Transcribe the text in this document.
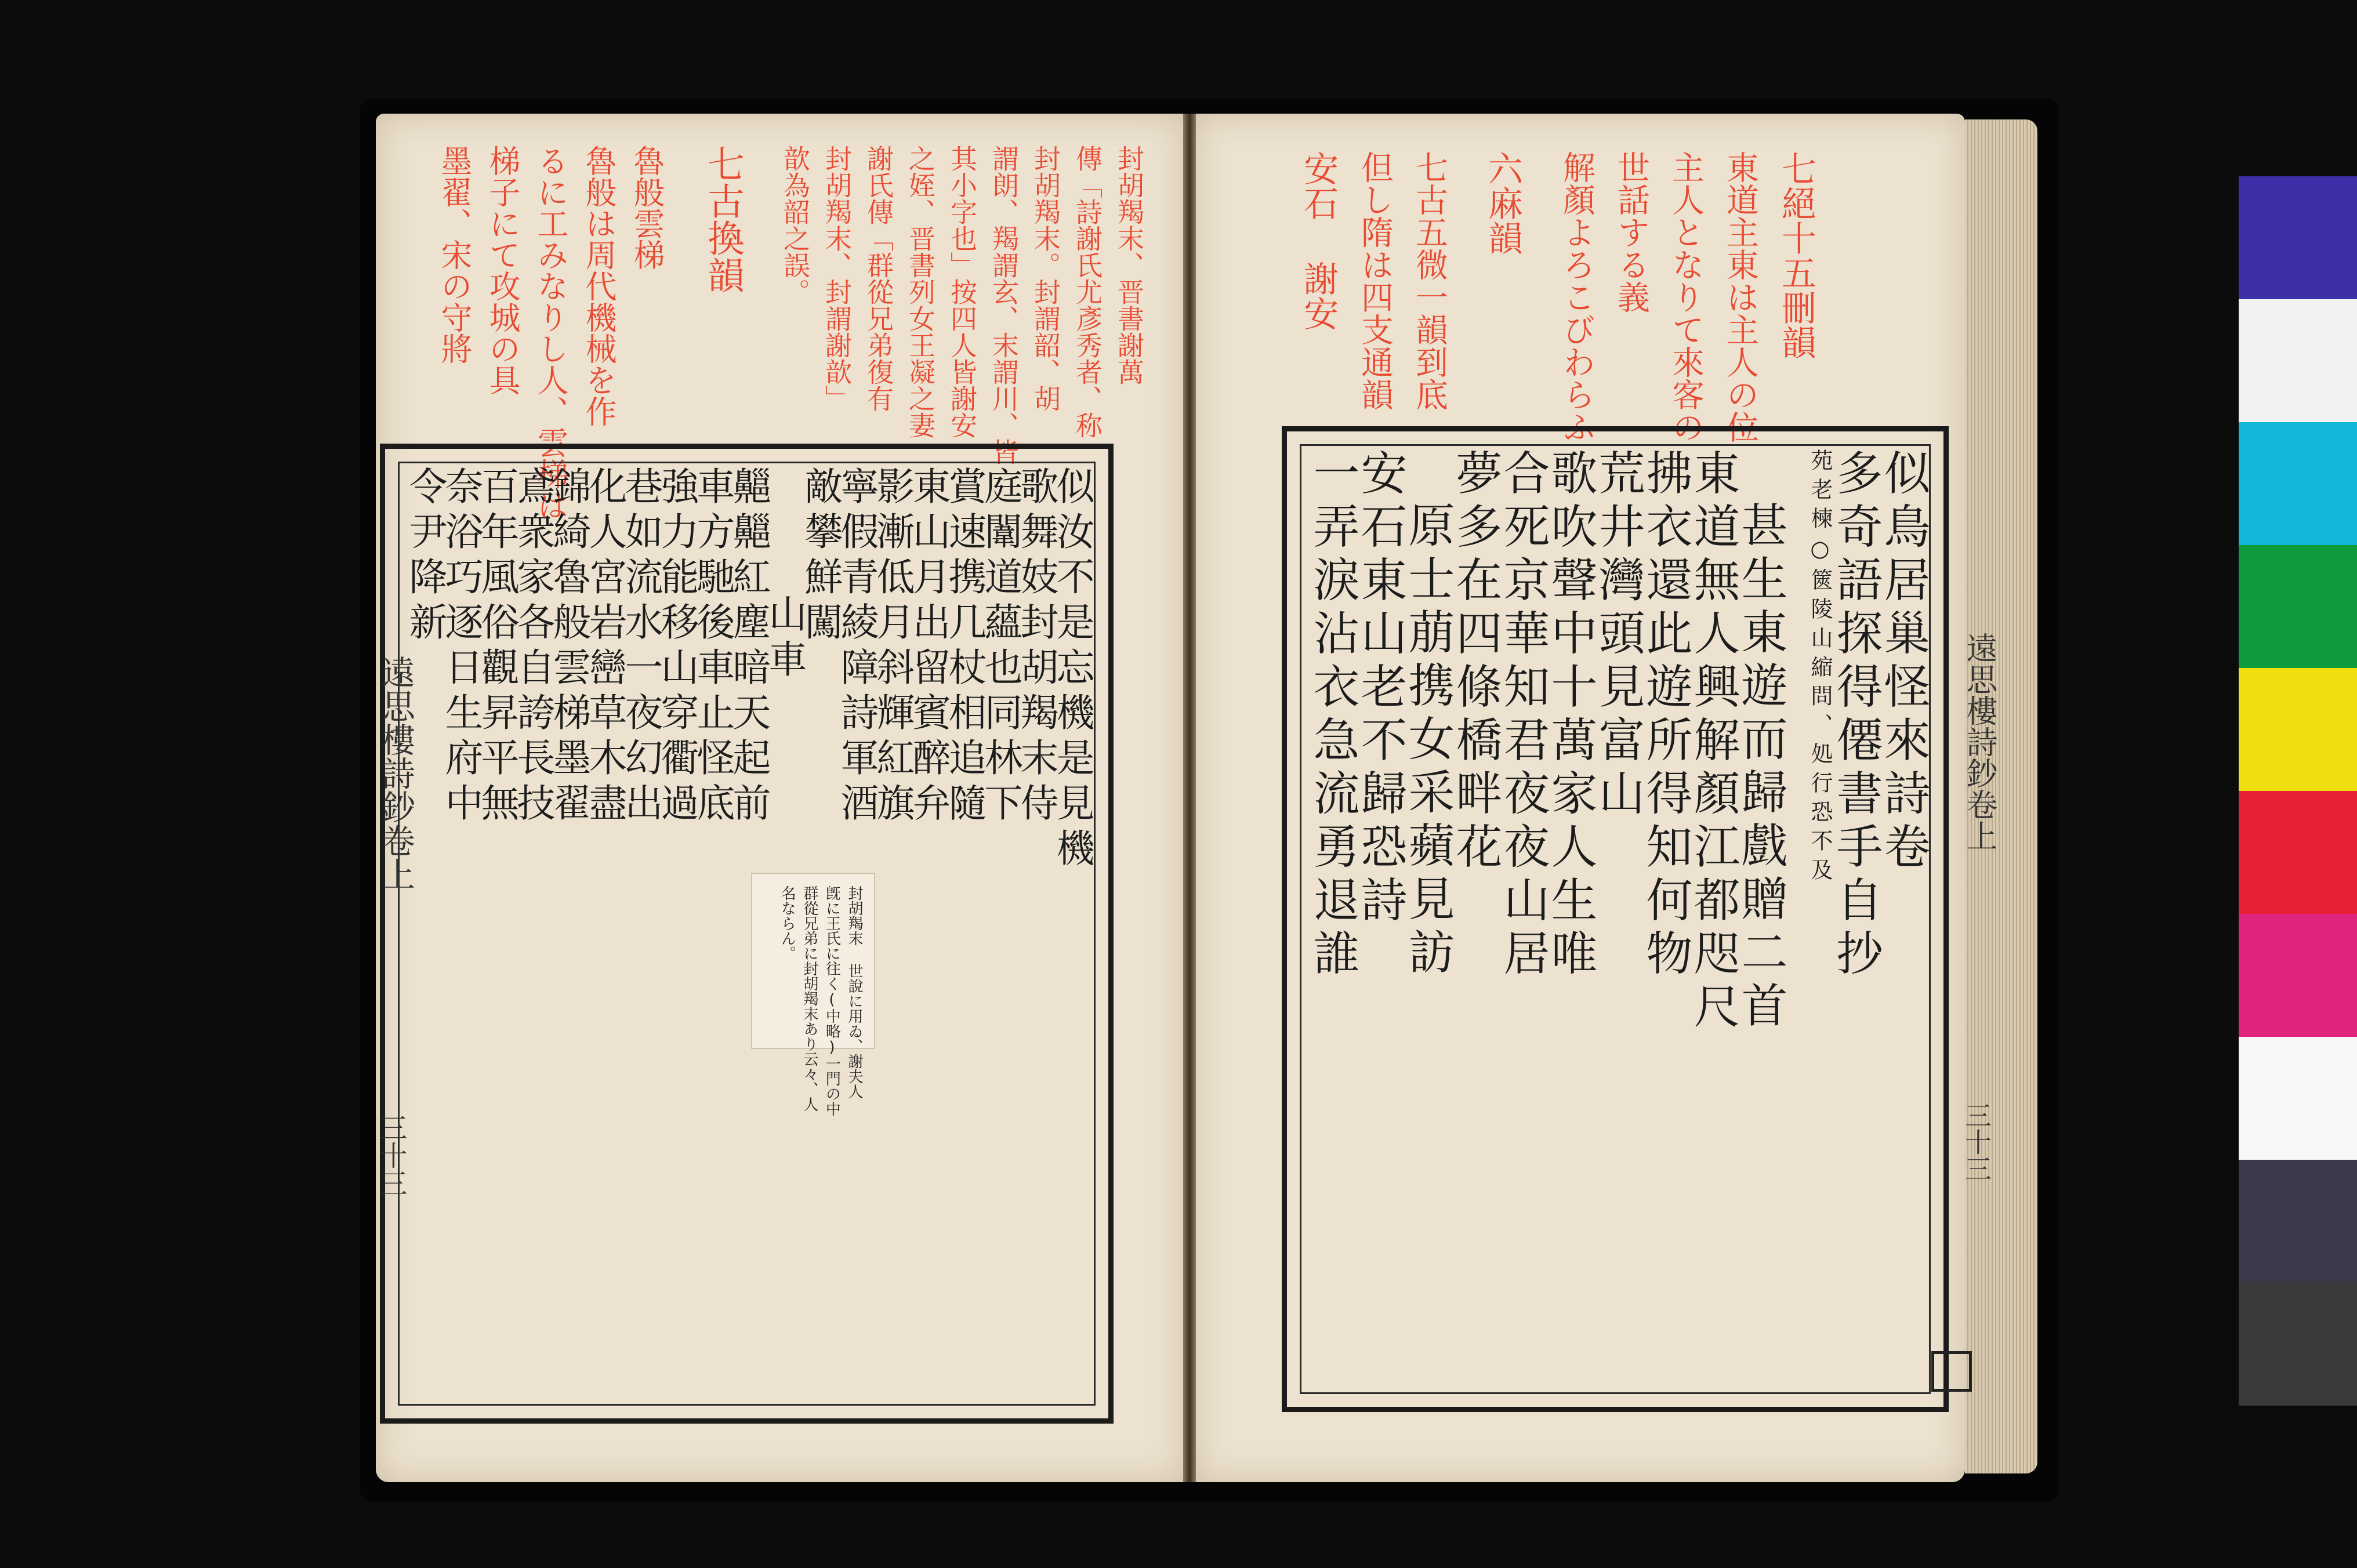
封胡羯末、晋書謝萬
傳「詩謝氏尤彥秀者、称
封胡羯末。封謂韶、胡
謂朗、羯謂玄、末謂川、皆
其小字也」按四人皆謝安
之姪、晋書列女王凝之妻
謝氏傳「群從兄弟復有
封胡羯末、封謂謝歆」
歆為韶之誤。
七古換韻
魯般雲梯
魯般は周代機械を作
るに工みなりし人、雲梯は
梯子にて攻城の具
墨翟、宋の守將
似汝不是忘機是見機
歌舞妓封胡羯末侍
庭闈道蘊也同林下
賞速携几杖相追隨
東山月出留賓醉弁
影漸低月斜輝紅旗
寧假青綾障詩軍酒
敵攀鮮闖
山車
齆齆紅塵暗天起前
車方馳後車止怪底
強力能移山穿衢過
巷如流水一夜幻出
化人宮岩巒草木盡
錦綺魯般雲梯墨翟
鳶衆家各自誇長技
百年風俗觀昇平無
奈浴巧逐日生府中
令尹降新
遠思樓詩鈔卷上
三十三
封胡羯末 世說に用ゐ、謝夫人
旣に王氏に往く(中略)一門の中
群從兄弟に封胡羯末あり云々、人
名ならん。
七絕十五刪韻
東道主東は主人の位
主人となりて來客の
世話する義
解顏よろこびわらふ
六麻韻
七古五微一韻到底
但し隋は四支通韻
安石 謝安
似鳥居巢怪來詩卷
多奇語探得僊書手自抄
苑老楝○篋陵山縮問、処行恐不及
甚生東遊而歸戲贈二首
東道無人興解顏江都咫尺
拂衣還此遊所得知何物
荒井灣頭見富山
歌吹聲中十萬家人生唯
合死京華知君夜夜山居
夢多在四條橋畔花
原士萠携女采蘋見訪
安石東山老不歸恐詩
一弄淚沾衣急流勇退誰	遠思樓詩鈔卷上
三十三
